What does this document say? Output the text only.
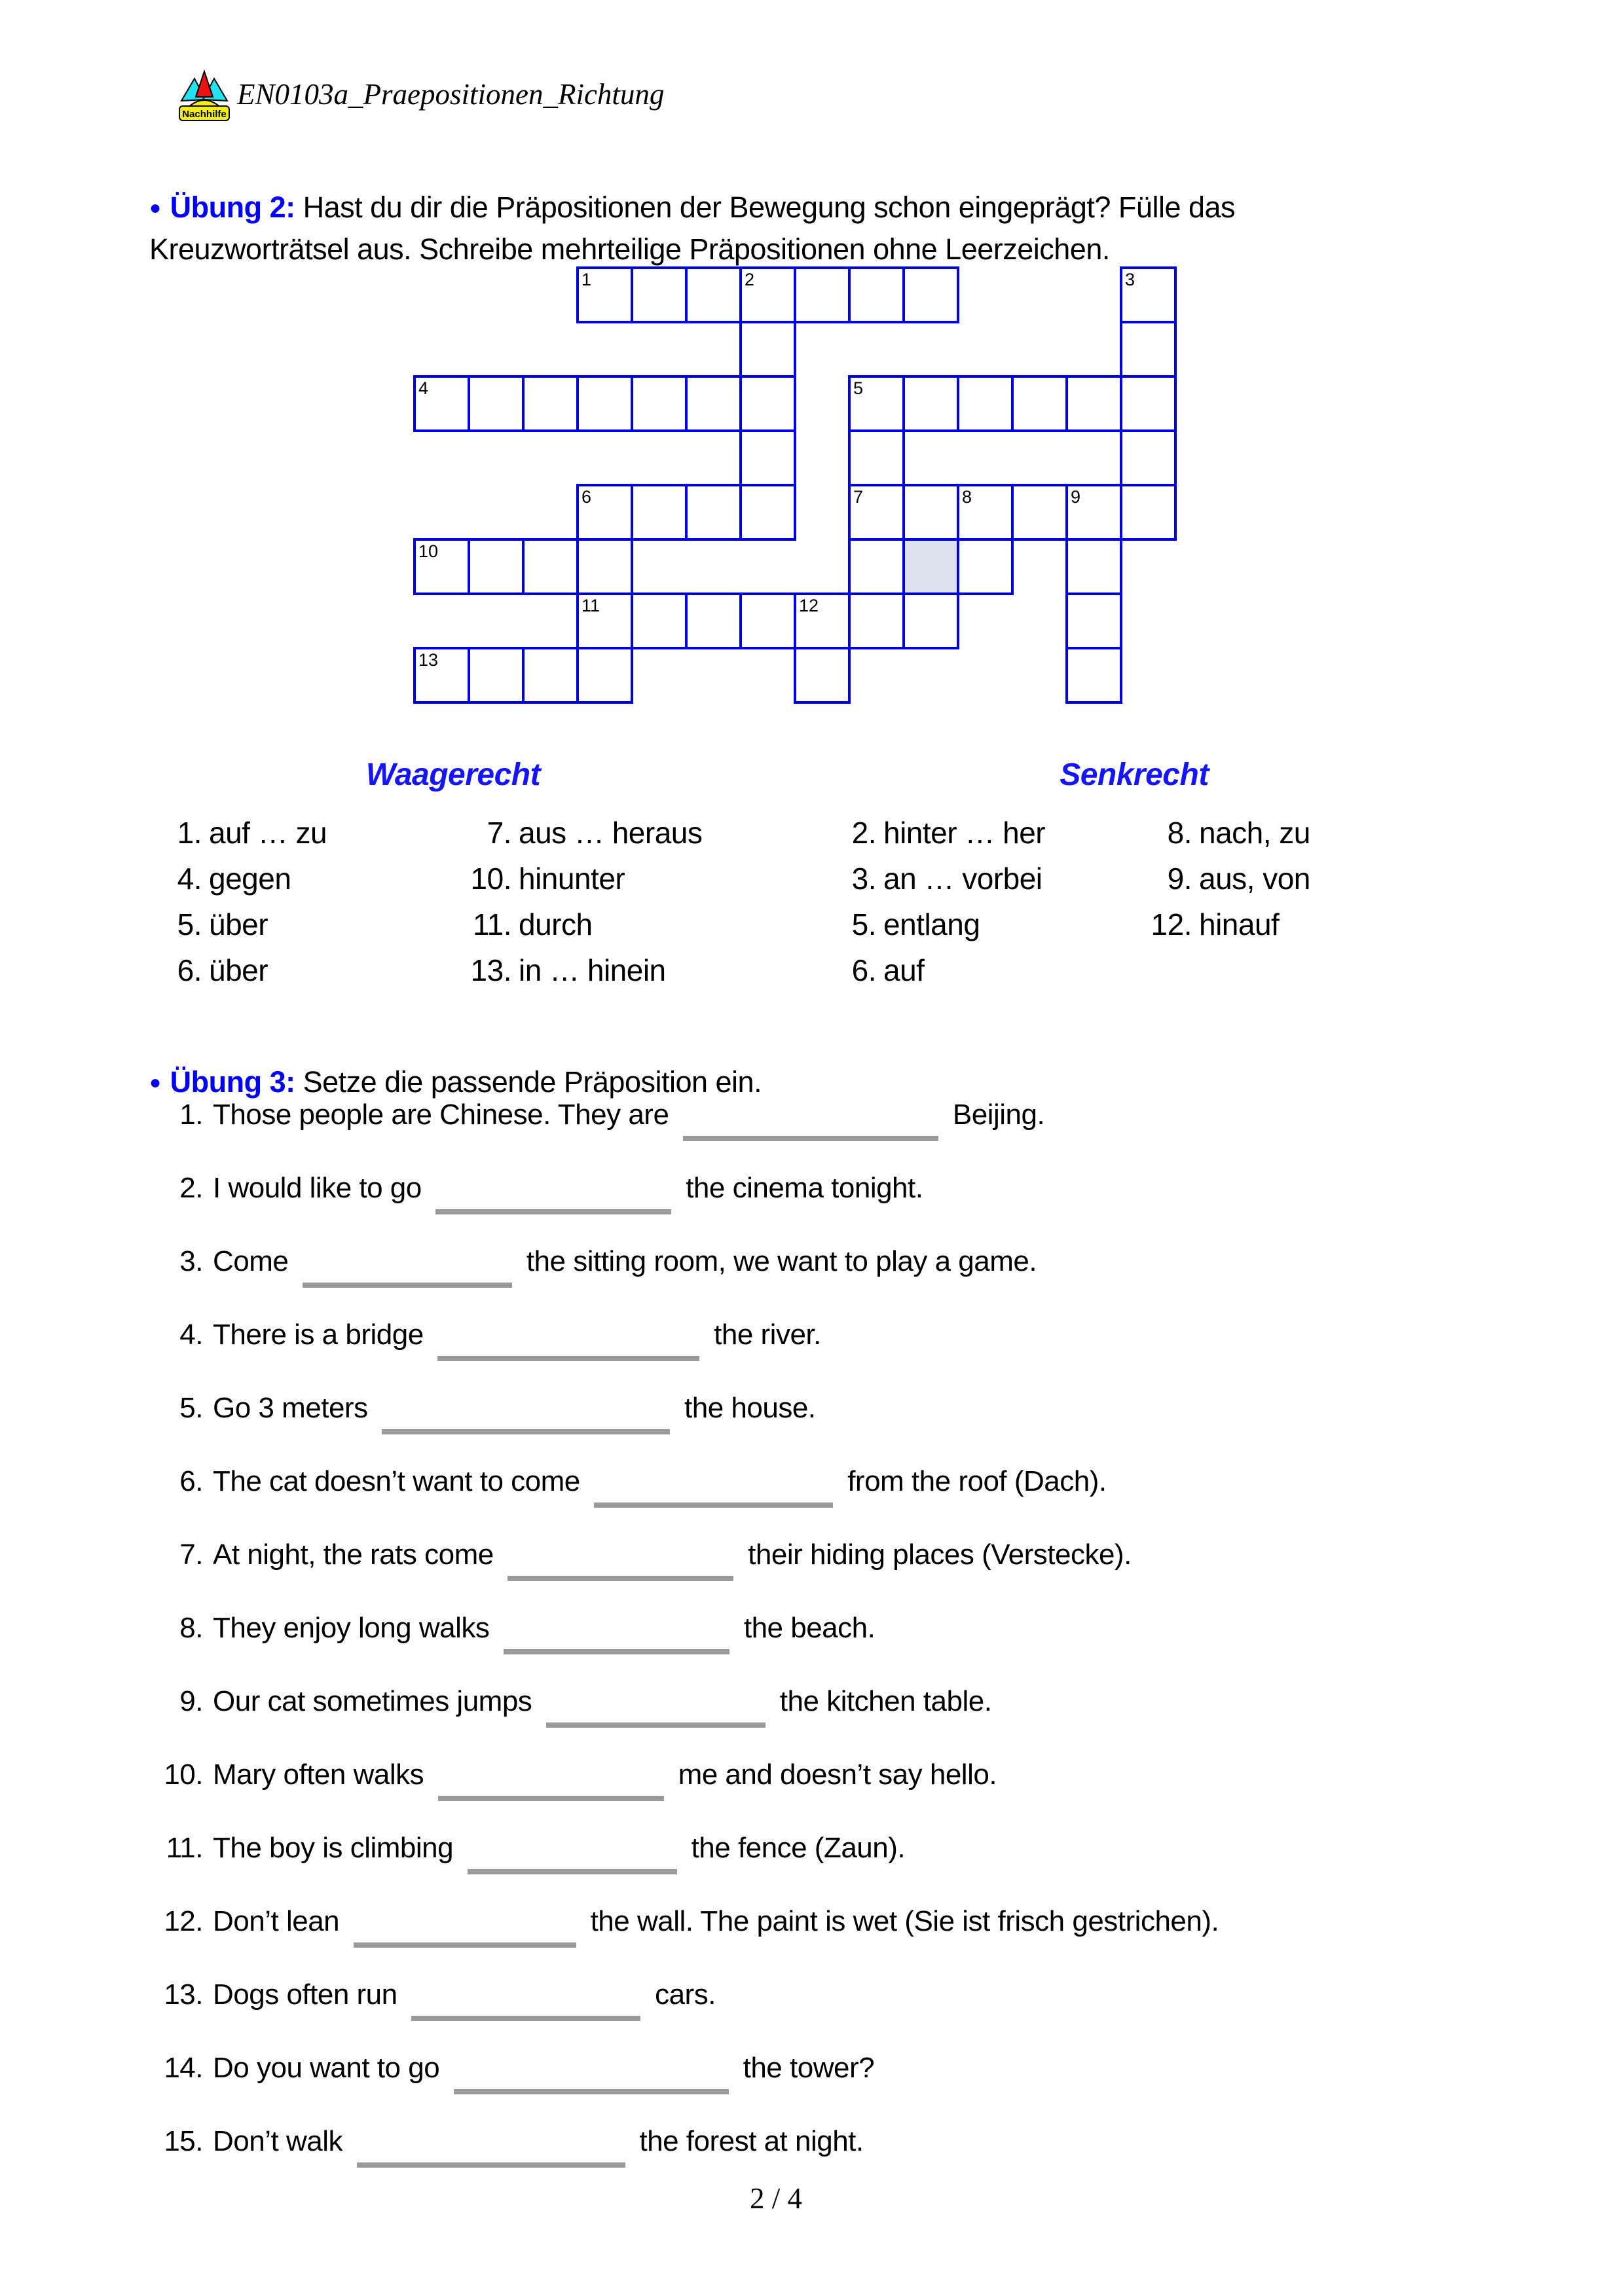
Nachhilfe
EN0103a_Praepositionen_Richtung

● Übung 2: Hast du dir die Präpositionen der Bewegung schon eingeprägt? Fülle das Kreuzworträtsel aus. Schreibe mehrteilige Präpositionen ohne Leerzeichen.

1	2	3
4	5
6	7	8	9
10
11	12
13
Waagerecht	Senkrecht
1. auf … zu
4. gegen
5. über
6. über
7. aus … heraus
10. hinunter
11. durch
13. in … hinein
2. hinter … her
3. an … vorbei
5. entlang
6. auf
8. nach, zu
9. aus, von
12. hinauf

● Übung 3: Setze die passende Präposition ein.

1. Those people are Chinese. They are	Beijing.
2. I would like to go	the cinema tonight.
3. Come	the sitting room, we want to play a game.
4. There is a bridge	the river.
5. Go 3 meters	the house.
6. The cat doesn’t want to come	from the roof (Dach).
7. At night, the rats come	their hiding places (Verstecke).
8. They enjoy long walks	the beach.
9. Our cat sometimes jumps	the kitchen table.
10. Mary often walks	me and doesn’t say hello.
11. The boy is climbing	the fence (Zaun).
12. Don’t lean	the wall. The paint is wet (Sie ist frisch gestrichen).
13. Dogs often run	cars.
14. Do you want to go	the tower?
15. Don’t walk	the forest at night.
2 / 4
